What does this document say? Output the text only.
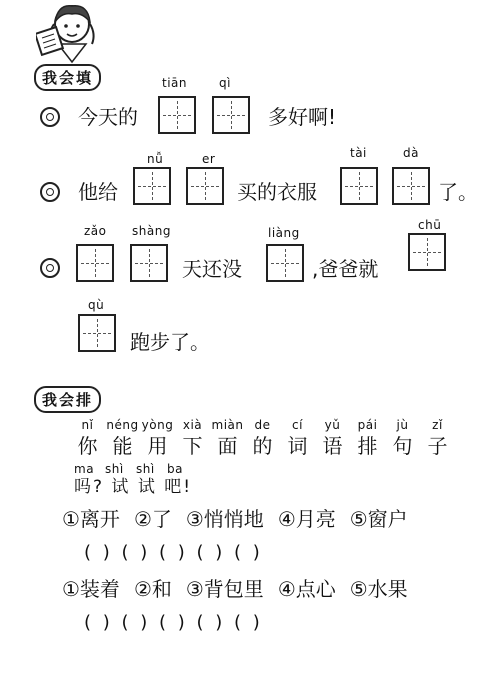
我会填	tiān	qì
今天的	多好啊!
nǚ	er	tài	dà
他给	买的衣服	了。
zǎo shàng	liàng
chū
天还没	,爸爸就
qù
跑步了。
我会排
nǐ	néng yòng xià miàn de	cí	yǔ	pái	jù	zǐ
你 能 用 下 面 的 词 语 排 句 子
ma shì	shì	ba
吗? 试 试 吧!
①离开 ②了 ③悄悄地 ④月亮 ⑤窗户
( ) ( ) ( ) ( ) ( )
①装着 ②和 ③背包里 ④点心 ⑤水果
( ) ( ) ( ) ( ) ( )
